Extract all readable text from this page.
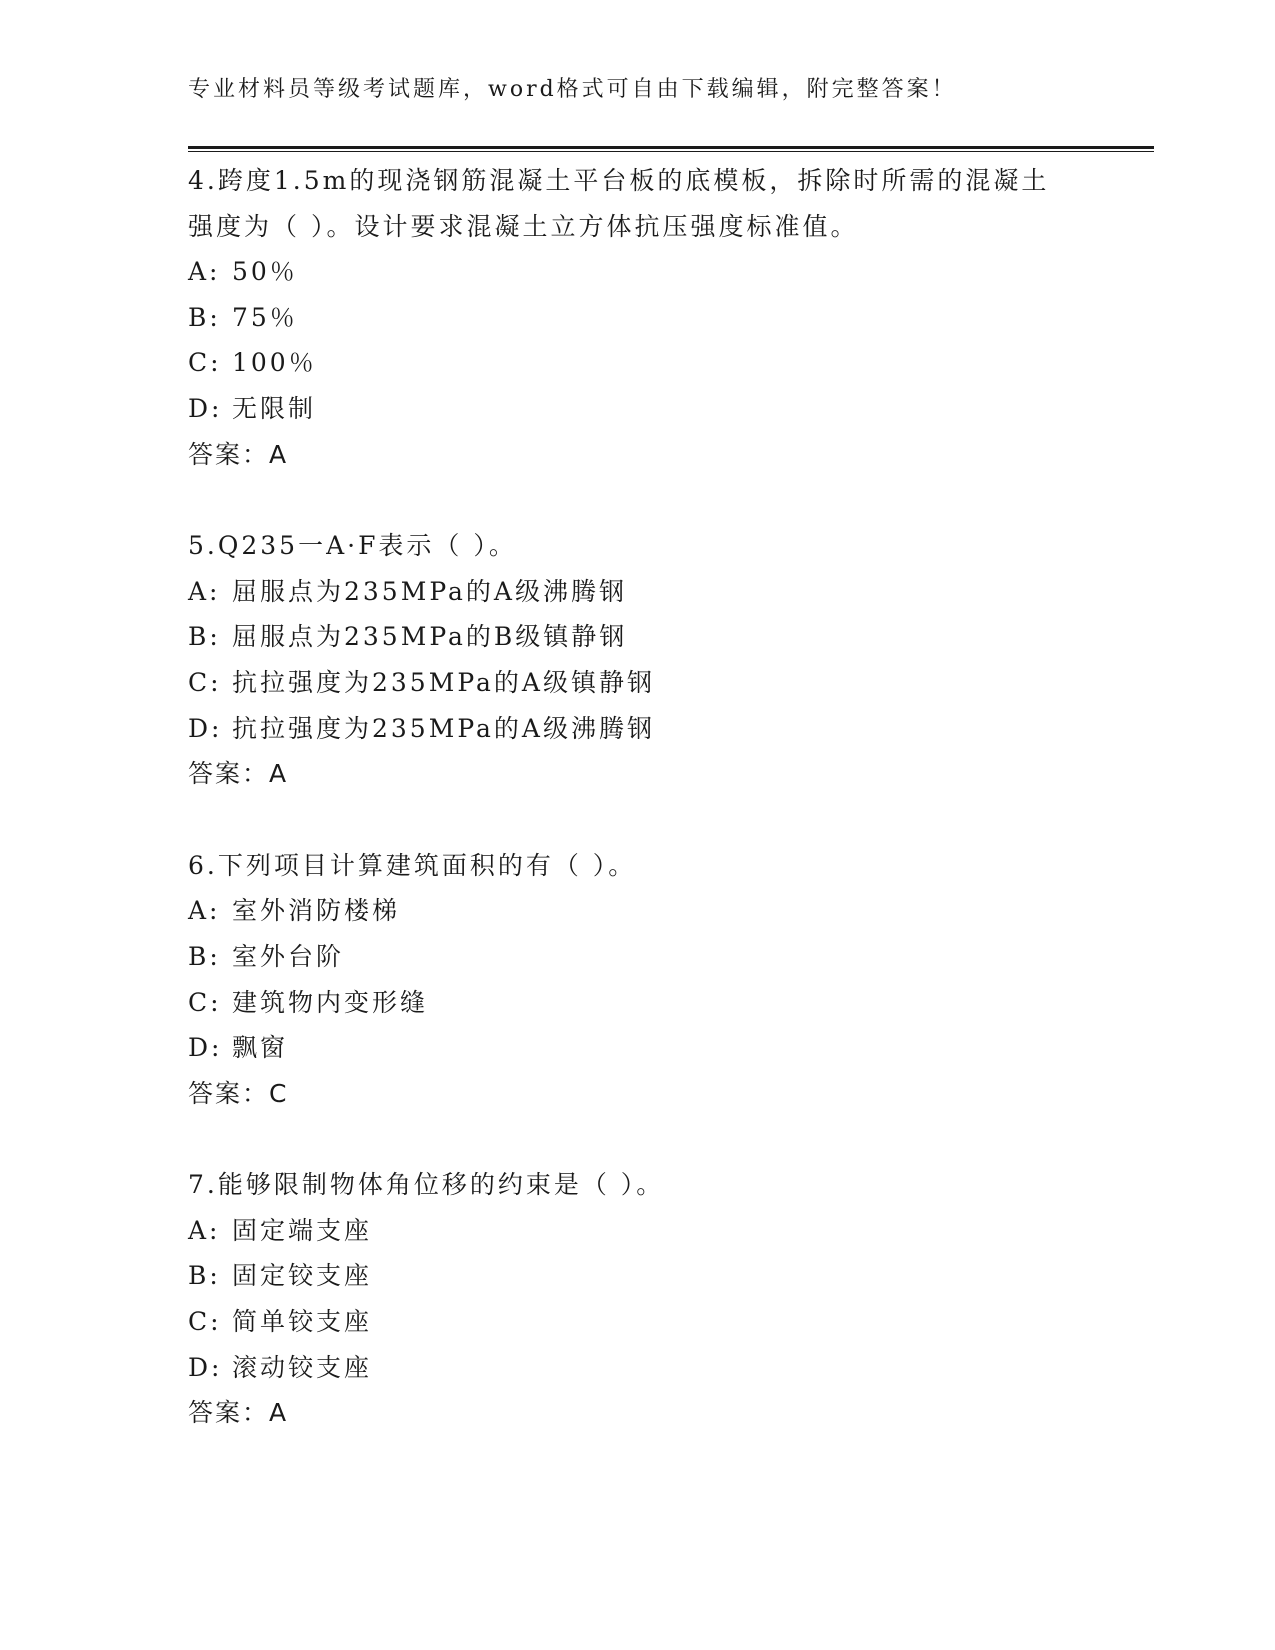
专业材料员等级考试题库，word格式可自由下载编辑，附完整答案！
4.跨度1.5m的现浇钢筋混凝土平台板的底模板，拆除时所需的混凝土
强度为（ ）。设计要求混凝土立方体抗压强度标准值。
A: 50％
B: 75％
C: 100％
D: 无限制
答案：A
5.Q235一A·F表示（ ）。
A: 屈服点为235MPa的A级沸腾钢
B: 屈服点为235MPa的B级镇静钢
C: 抗拉强度为235MPa的A级镇静钢
D: 抗拉强度为235MPa的A级沸腾钢
答案：A
6.下列项目计算建筑面积的有（ ）。
A: 室外消防楼梯
B: 室外台阶
C: 建筑物内变形缝
D: 飘窗
答案：C
7.能够限制物体角位移的约束是（ ）。
A: 固定端支座
B: 固定铰支座
C: 简单铰支座
D: 滚动铰支座
答案：A
